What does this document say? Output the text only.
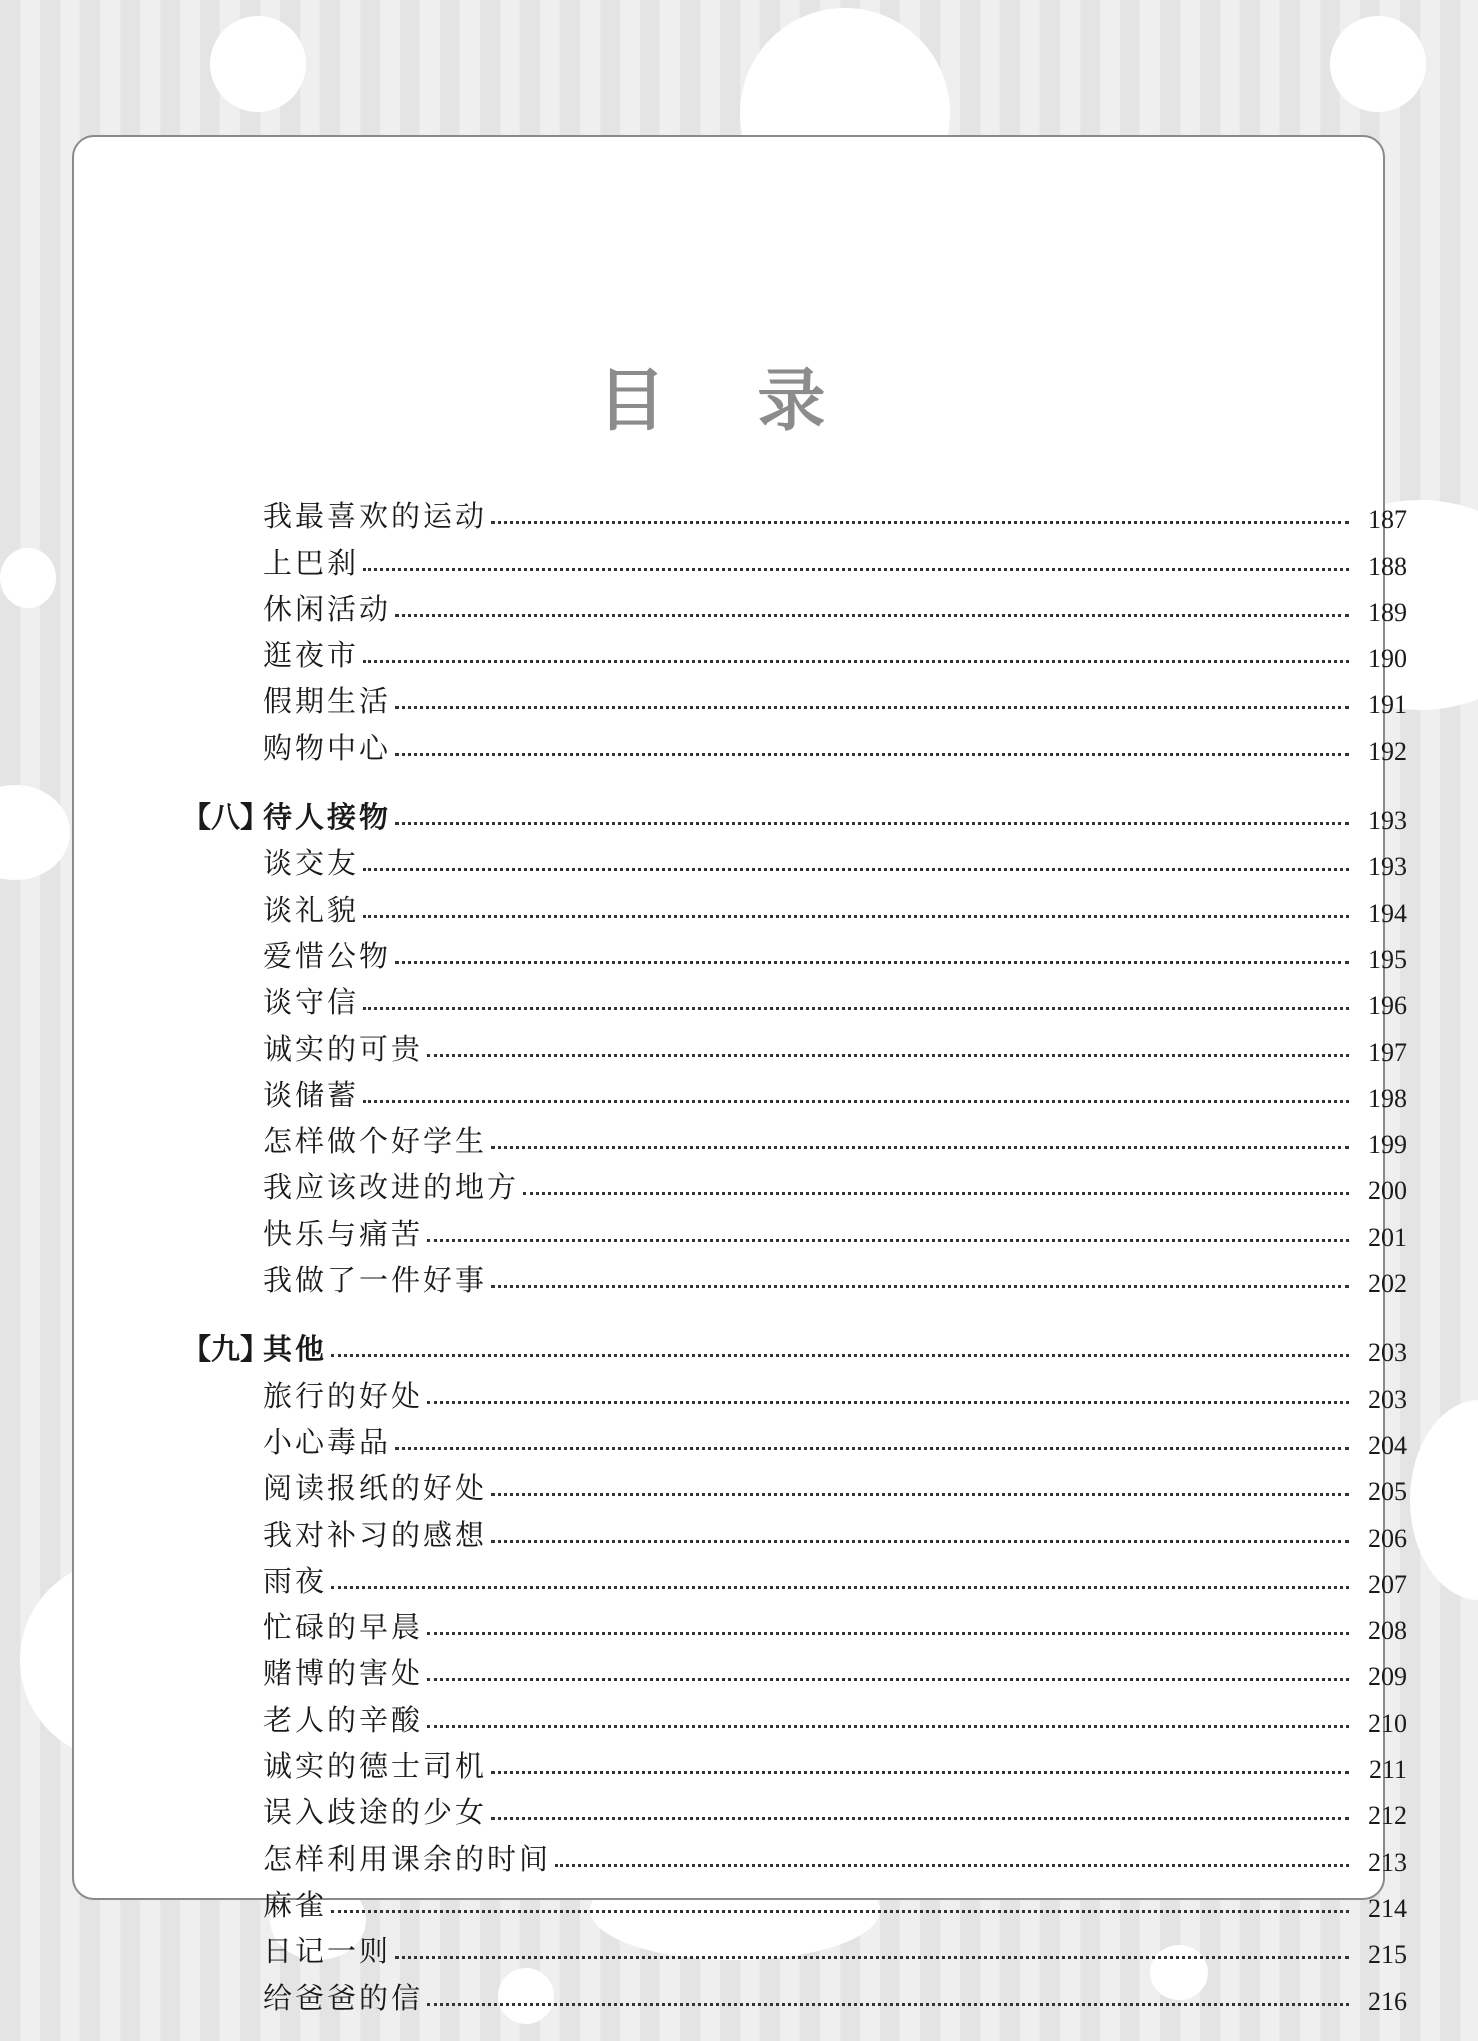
目 录
我最喜欢的运动	187
上巴刹	188
休闲活动	189
逛夜市	190
假期生活	191
购物中心	192
【八】
待人接物	193
谈交友	193
谈礼貌	194
爱惜公物	195
谈守信	196
诚实的可贵	197
谈储蓄	198
怎样做个好学生	199
我应该改进的地方	200
快乐与痛苦	201
我做了一件好事	202
【九】
其他	203
旅行的好处	203
小心毒品	204
阅读报纸的好处	205
我对补习的感想	206
雨夜	207
忙碌的早晨	208
赌博的害处	209
老人的辛酸	210
诚实的德士司机	211
误入歧途的少女	212
怎样利用课余的时间	213
麻雀	214
日记一则	215
给爸爸的信	216
